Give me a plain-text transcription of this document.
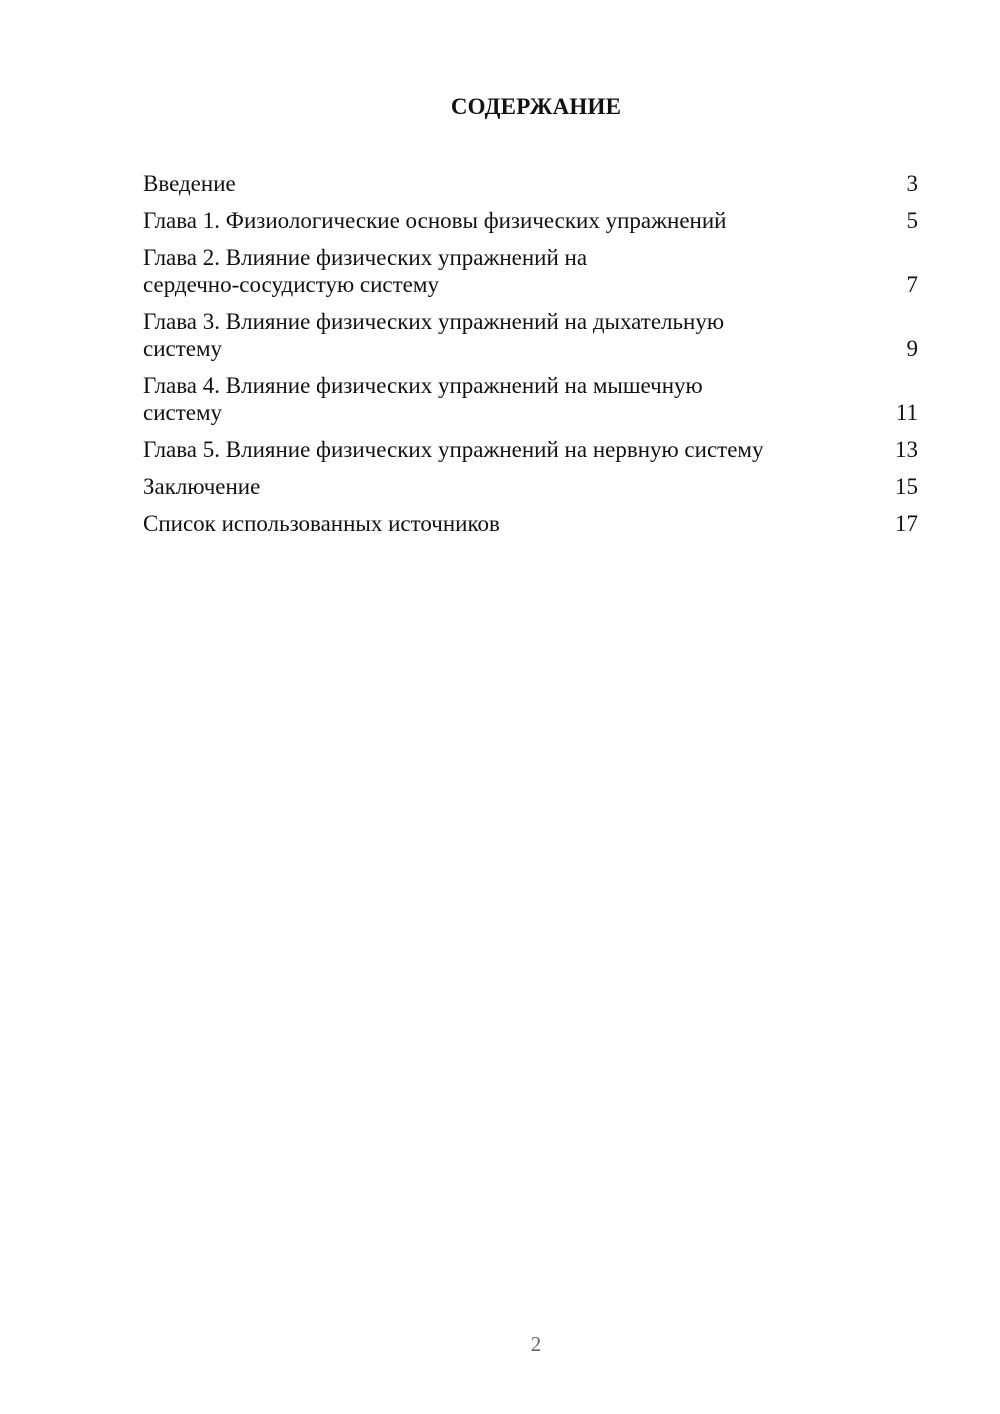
СОДЕРЖАНИЕ
Введение	3
Глава 1. Физиологические основы физических упражнений	5
Глава 2. Влияние физических упражнений на
сердечно-сосудистую систему	7
Глава 3. Влияние физических упражнений на дыхательную
систему	9
Глава 4. Влияние физических упражнений на мышечную
систему	11
Глава 5. Влияние физических упражнений на нервную систему	13
Заключение	15
Список использованных источников	17
2
